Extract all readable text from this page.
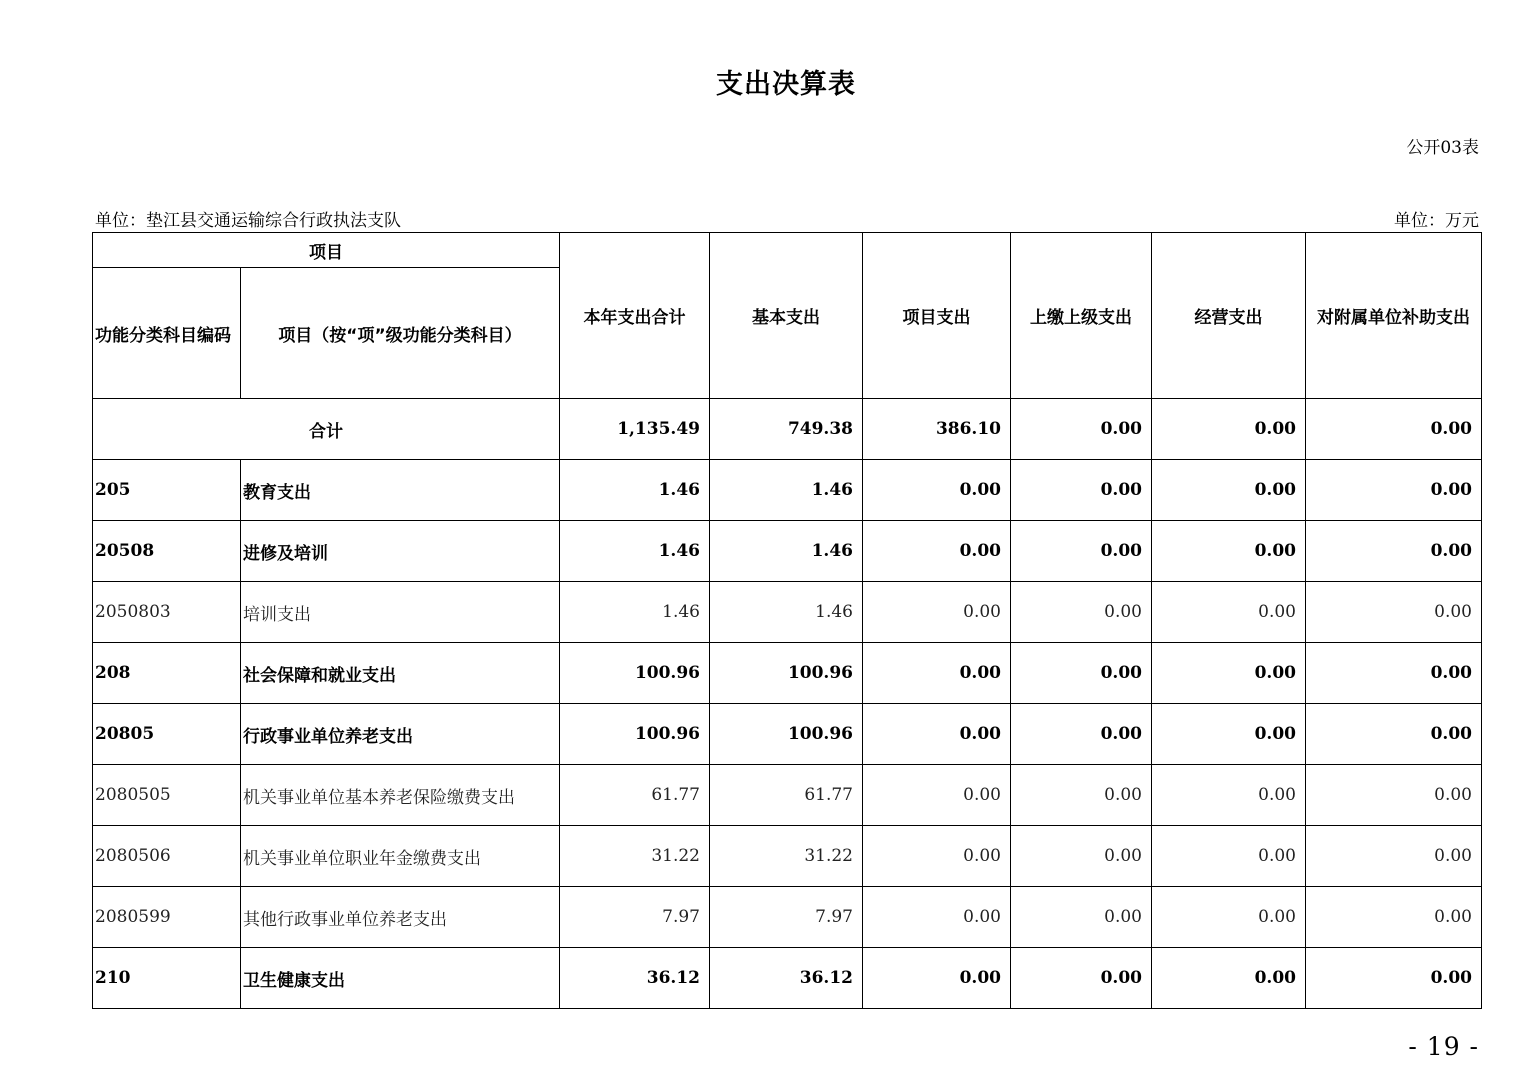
支出决算表
公开03表
单位：垫江县交通运输综合行政执法支队	单位：万元
项目		本年支出合计	基本支出	项目支出	上缴上级支出	经营支出	对附属单位补助支出
功能分类科目编码	项目（按“项”级功能分类科目）						
合计		1,135.49	749.38	386.10	0.00	0.00	0.00
205	教育支出	1.46	1.46	0.00	0.00	0.00	0.00
20508	进修及培训	1.46	1.46	0.00	0.00	0.00	0.00
2050803	培训支出	1.46	1.46	0.00	0.00	0.00	0.00
208	社会保障和就业支出	100.96	100.96	0.00	0.00	0.00	0.00
20805	行政事业单位养老支出	100.96	100.96	0.00	0.00	0.00	0.00
2080505	机关事业单位基本养老保险缴费支出	61.77	61.77	0.00	0.00	0.00	0.00
2080506	机关事业单位职业年金缴费支出	31.22	31.22	0.00	0.00	0.00	0.00
2080599	其他行政事业单位养老支出	7.97	7.97	0.00	0.00	0.00	0.00
210	卫生健康支出	36.12	36.12	0.00	0.00	0.00	0.00
- 19 -
